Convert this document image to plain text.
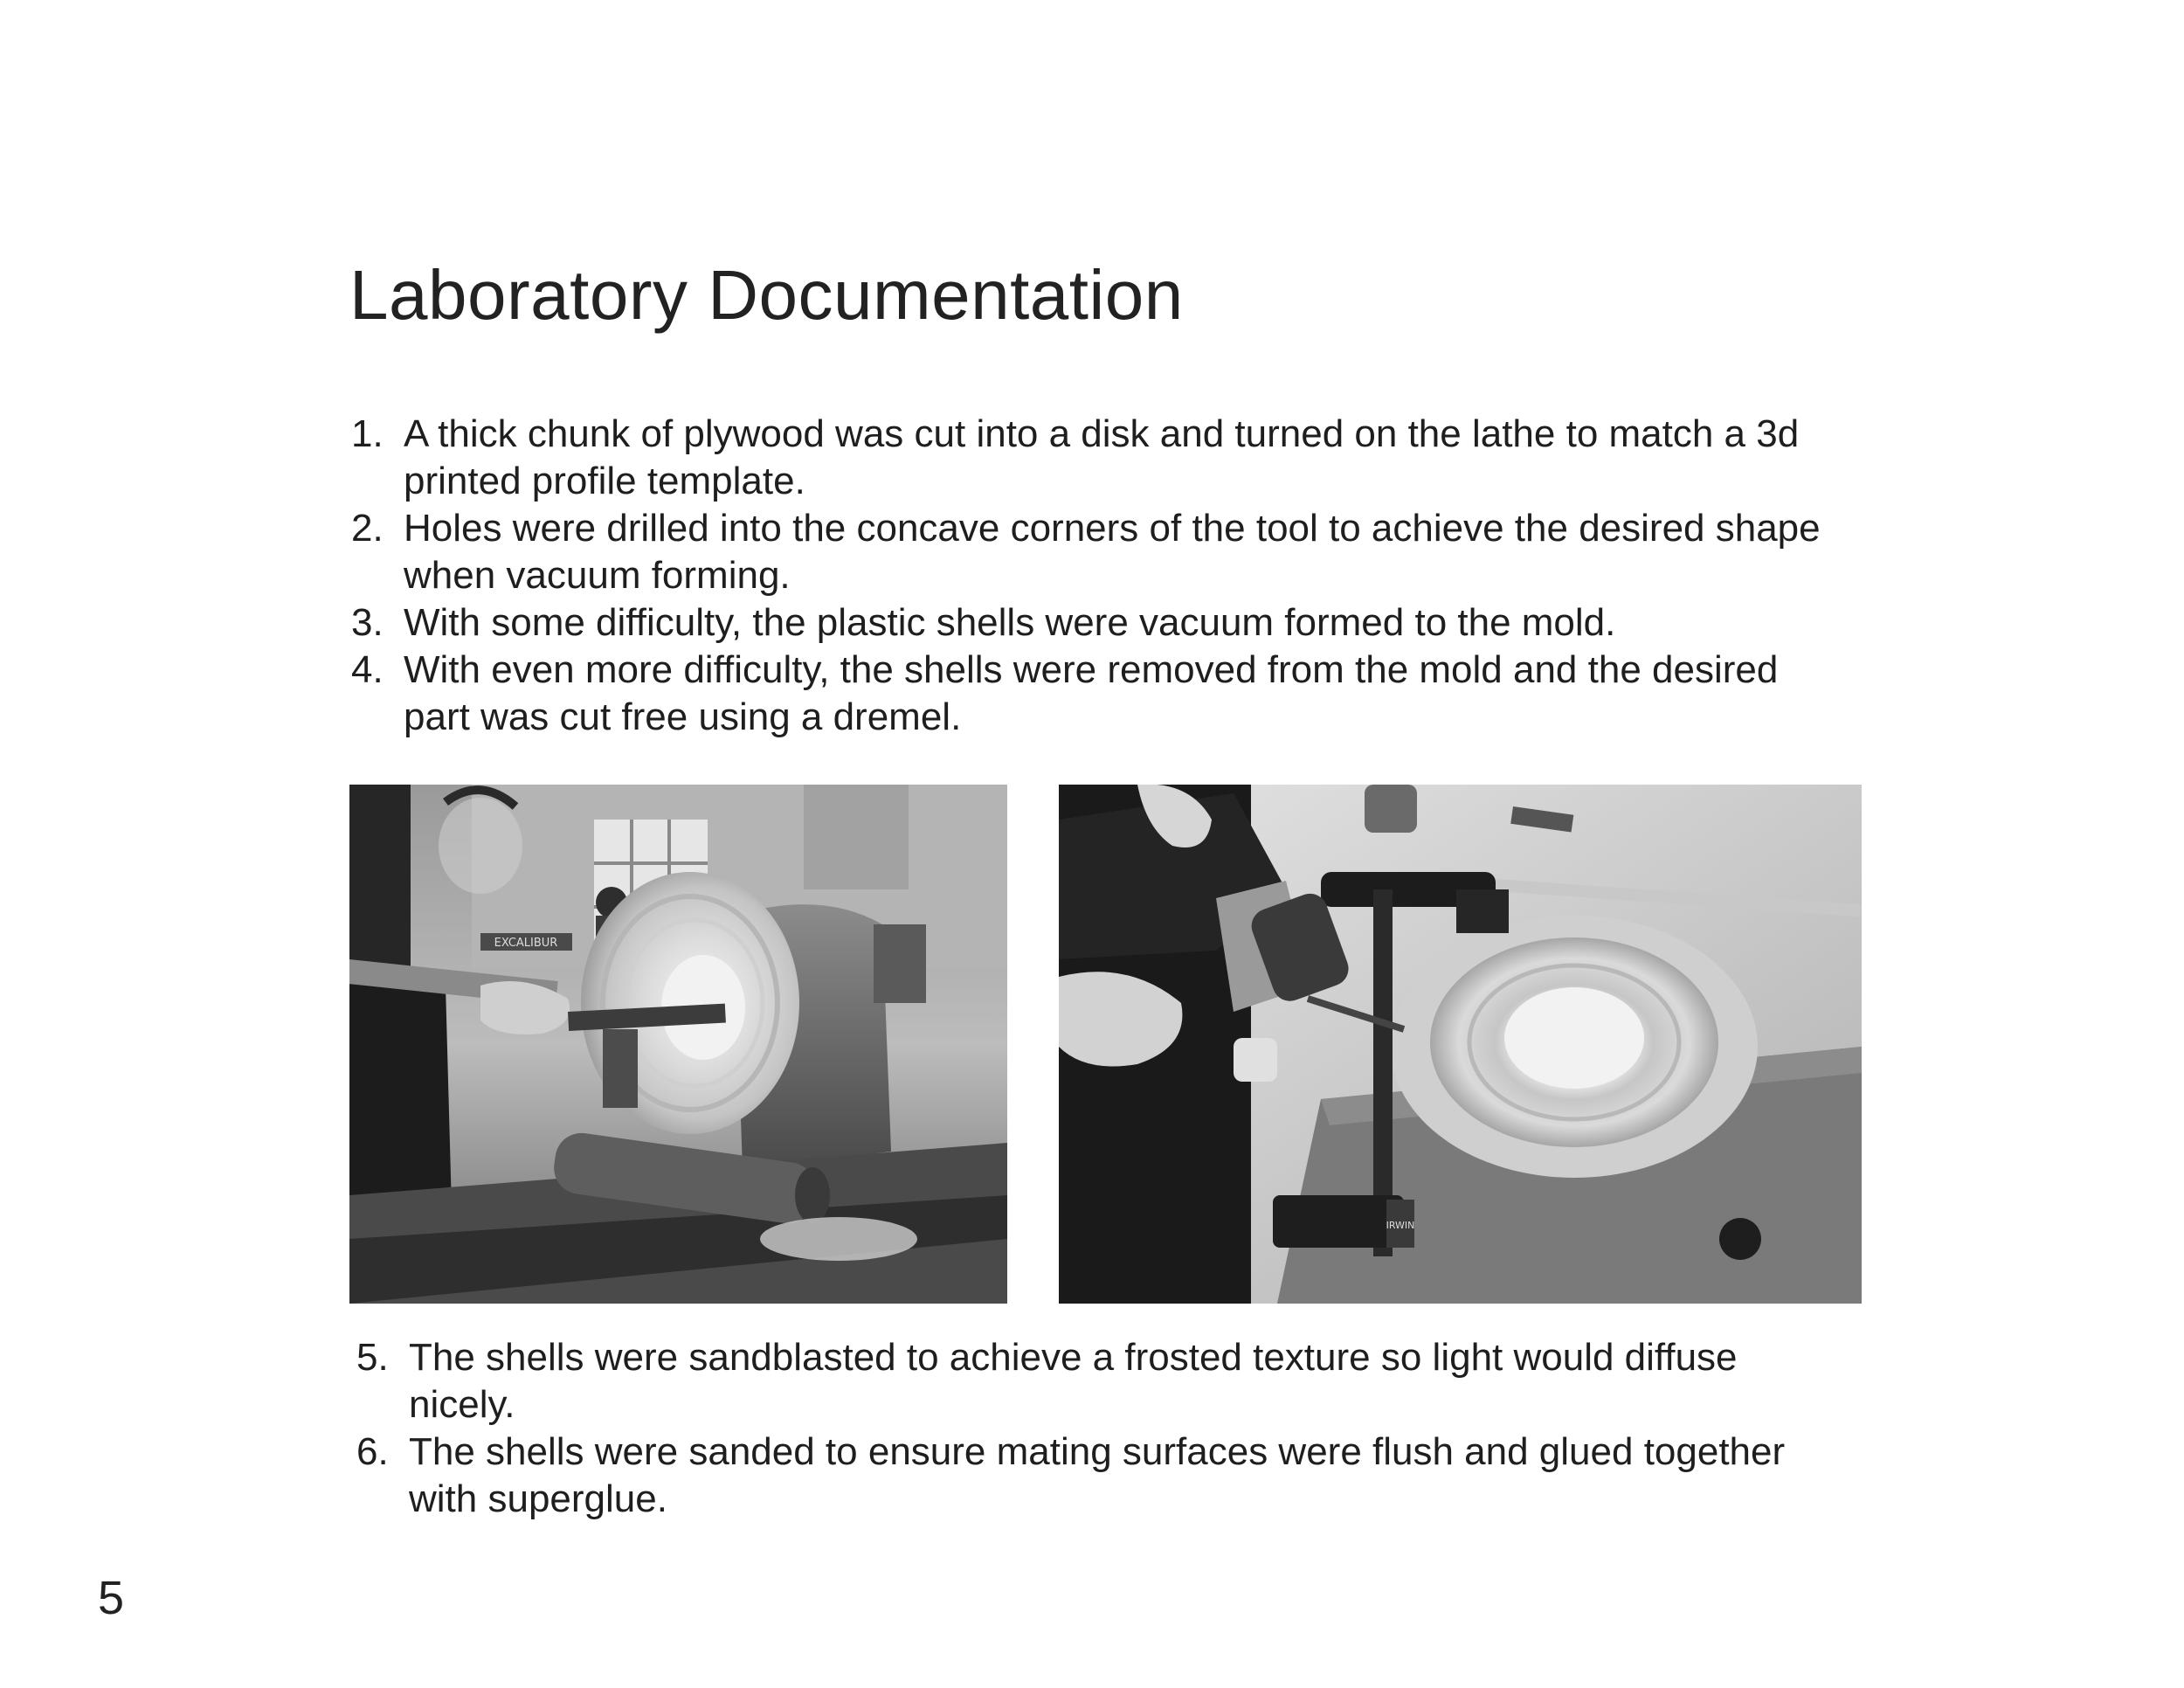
Laboratory Documentation
1. A thick chunk of plywood was cut into a disk and turned on the lathe to match a 3d printed profile template.
2. Holes were drilled into the concave corners of the tool to achieve the desired shape when vacuum forming.
3. With some difficulty, the plastic shells were vacuum formed to the mold.
4. With even more difficulty, the shells were removed from the mold and the desired part was cut free using a dremel.
EXCALIBUR
IRWIN
5. The shells were sandblasted to achieve a frosted texture so light would diffuse nicely.
6. The shells were sanded to ensure mating surfaces were flush and glued together with superglue.
5
